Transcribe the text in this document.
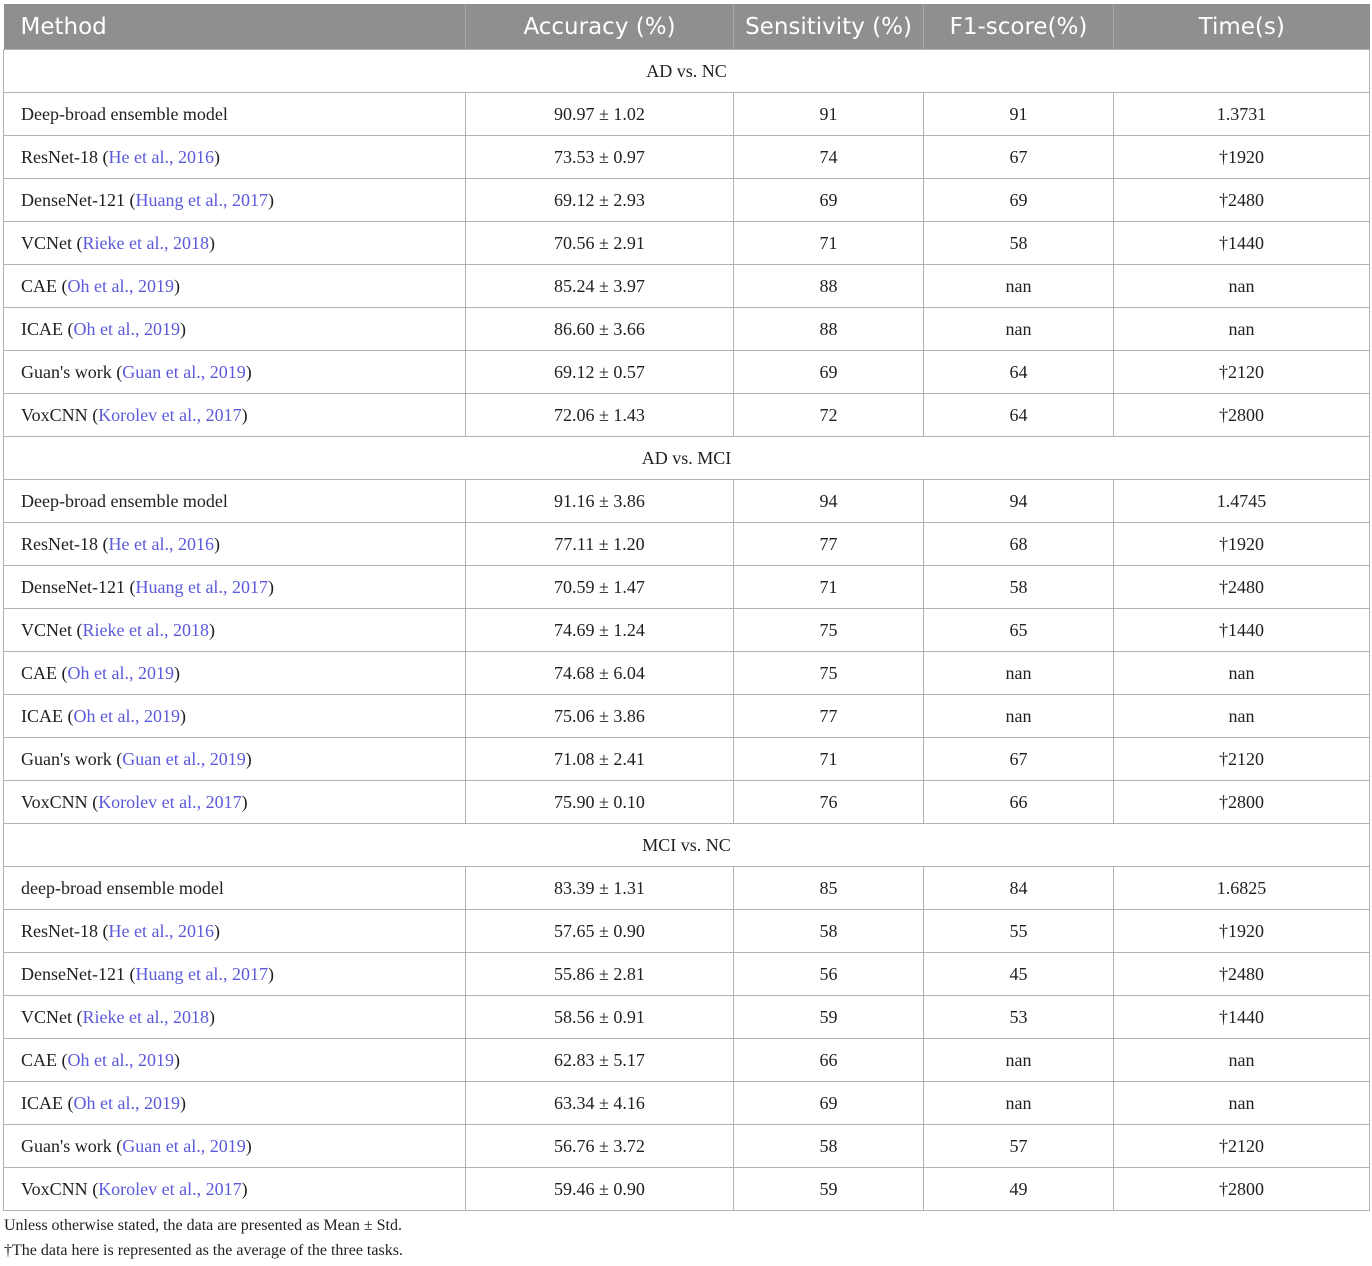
Method	Accuracy (%)	Sensitivity (%)	F1-score(%)	Time(s)
AD vs. NC				
Deep-broad ensemble model	90.97 ± 1.02	91	91	1.3731
ResNet-18 (He et al., 2016)	73.53 ± 0.97	74	67	†1920
DenseNet-121 (Huang et al., 2017)	69.12 ± 2.93	69	69	†2480
VCNet (Rieke et al., 2018)	70.56 ± 2.91	71	58	†1440
CAE (Oh et al., 2019)	85.24 ± 3.97	88	nan	nan
ICAE (Oh et al., 2019)	86.60 ± 3.66	88	nan	nan
Guan's work (Guan et al., 2019)	69.12 ± 0.57	69	64	†2120
VoxCNN (Korolev et al., 2017)	72.06 ± 1.43	72	64	†2800
AD vs. MCI				
Deep-broad ensemble model	91.16 ± 3.86	94	94	1.4745
ResNet-18 (He et al., 2016)	77.11 ± 1.20	77	68	†1920
DenseNet-121 (Huang et al., 2017)	70.59 ± 1.47	71	58	†2480
VCNet (Rieke et al., 2018)	74.69 ± 1.24	75	65	†1440
CAE (Oh et al., 2019)	74.68 ± 6.04	75	nan	nan
ICAE (Oh et al., 2019)	75.06 ± 3.86	77	nan	nan
Guan's work (Guan et al., 2019)	71.08 ± 2.41	71	67	†2120
VoxCNN (Korolev et al., 2017)	75.90 ± 0.10	76	66	†2800
MCI vs. NC				
deep-broad ensemble model	83.39 ± 1.31	85	84	1.6825
ResNet-18 (He et al., 2016)	57.65 ± 0.90	58	55	†1920
DenseNet-121 (Huang et al., 2017)	55.86 ± 2.81	56	45	†2480
VCNet (Rieke et al., 2018)	58.56 ± 0.91	59	53	†1440
CAE (Oh et al., 2019)	62.83 ± 5.17	66	nan	nan
ICAE (Oh et al., 2019)	63.34 ± 4.16	69	nan	nan
Guan's work (Guan et al., 2019)	56.76 ± 3.72	58	57	†2120
VoxCNN (Korolev et al., 2017)	59.46 ± 0.90	59	49	†2800
Unless otherwise stated, the data are presented as Mean ± Std.
†The data here is represented as the average of the three tasks.
